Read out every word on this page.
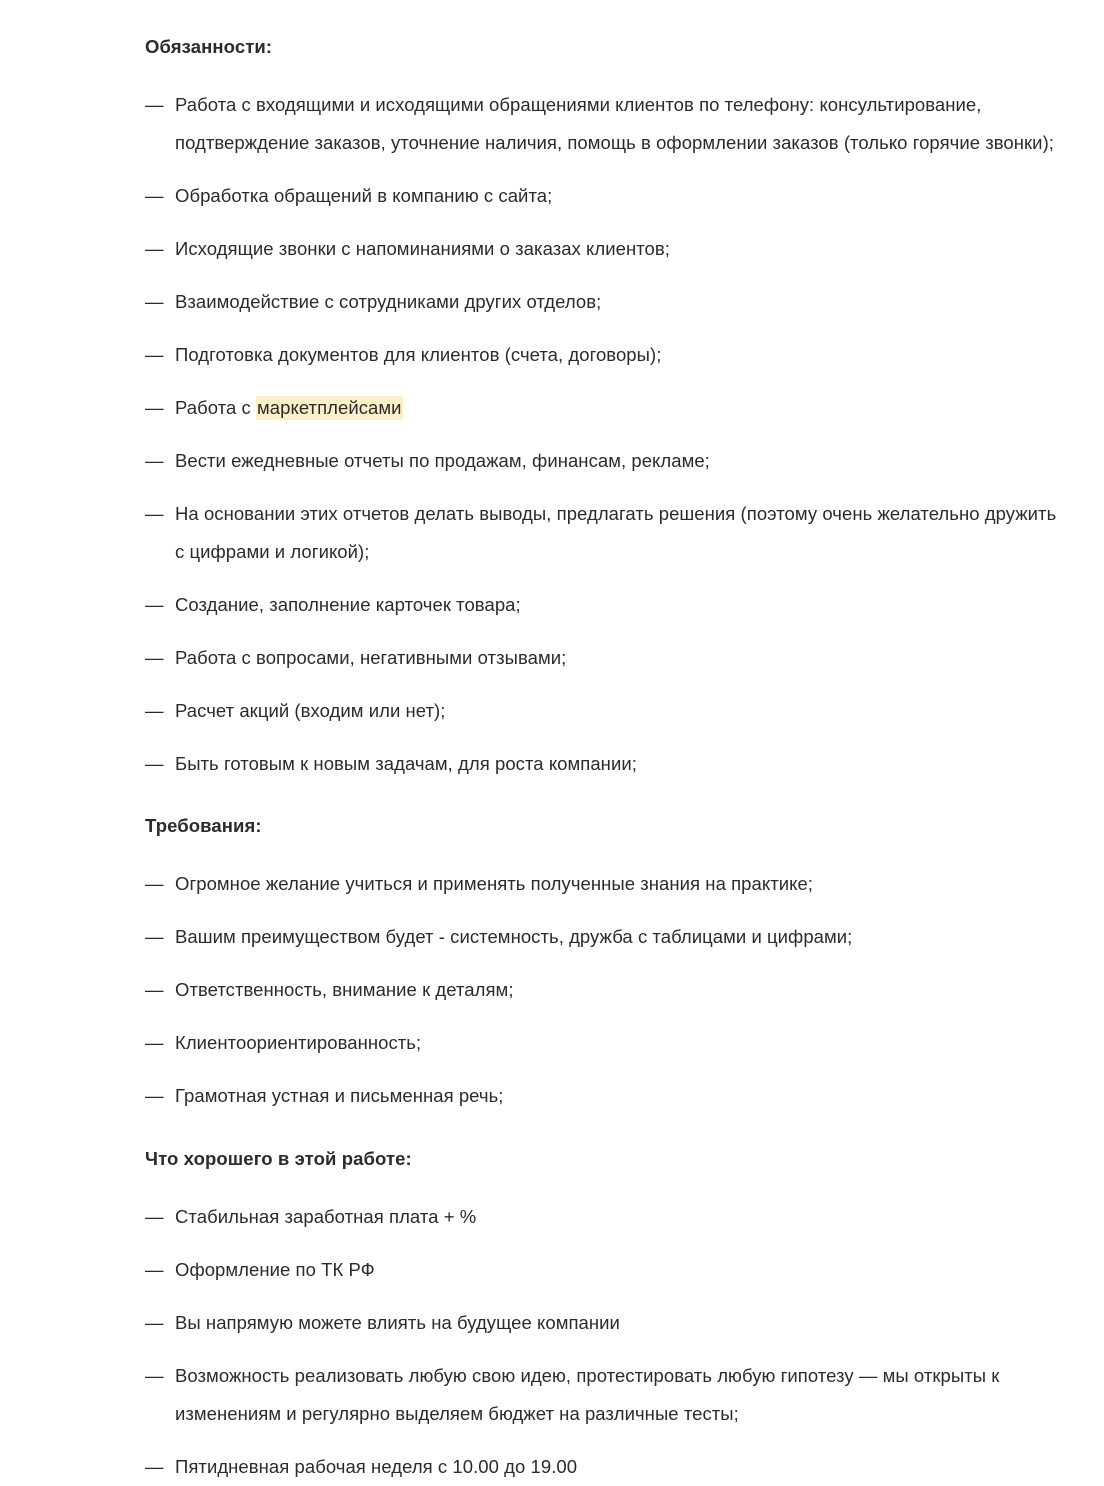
Обязанности:
— Работа с входящими и исходящими обращениями клиентов по телефону: консультирование, подтверждение заказов, уточнение наличия, помощь в оформлении заказов (только горячие звонки);
— Обработка обращений в компанию с сайта;
— Исходящие звонки с напоминаниями о заказах клиентов;
— Взаимодействие с сотрудниками других отделов;
— Подготовка документов для клиентов (счета, договоры);
— Работа с маркетплейсами
— Вести ежедневные отчеты по продажам, финансам, рекламе;
— На основании этих отчетов делать выводы, предлагать решения (поэтому очень желательно дружить с цифрами и логикой);
— Создание, заполнение карточек товара;
— Работа с вопросами, негативными отзывами;
— Расчет акций (входим или нет);
— Быть готовым к новым задачам, для роста компании;
Требования:
— Огромное желание учиться и применять полученные знания на практике;
— Вашим преимуществом будет - системность, дружба с таблицами и цифрами;
— Ответственность, внимание к деталям;
— Клиентоориентированность;
— Грамотная устная и письменная речь;
Что хорошего в этой работе:
— Стабильная заработная плата + %
— Оформление по ТК РФ
— Вы напрямую можете влиять на будущее компании
— Возможность реализовать любую свою идею, протестировать любую гипотезу — мы открыты к изменениям и регулярно выделяем бюджет на различные тесты;
— Пятидневная рабочая неделя с 10.00 до 19.00
